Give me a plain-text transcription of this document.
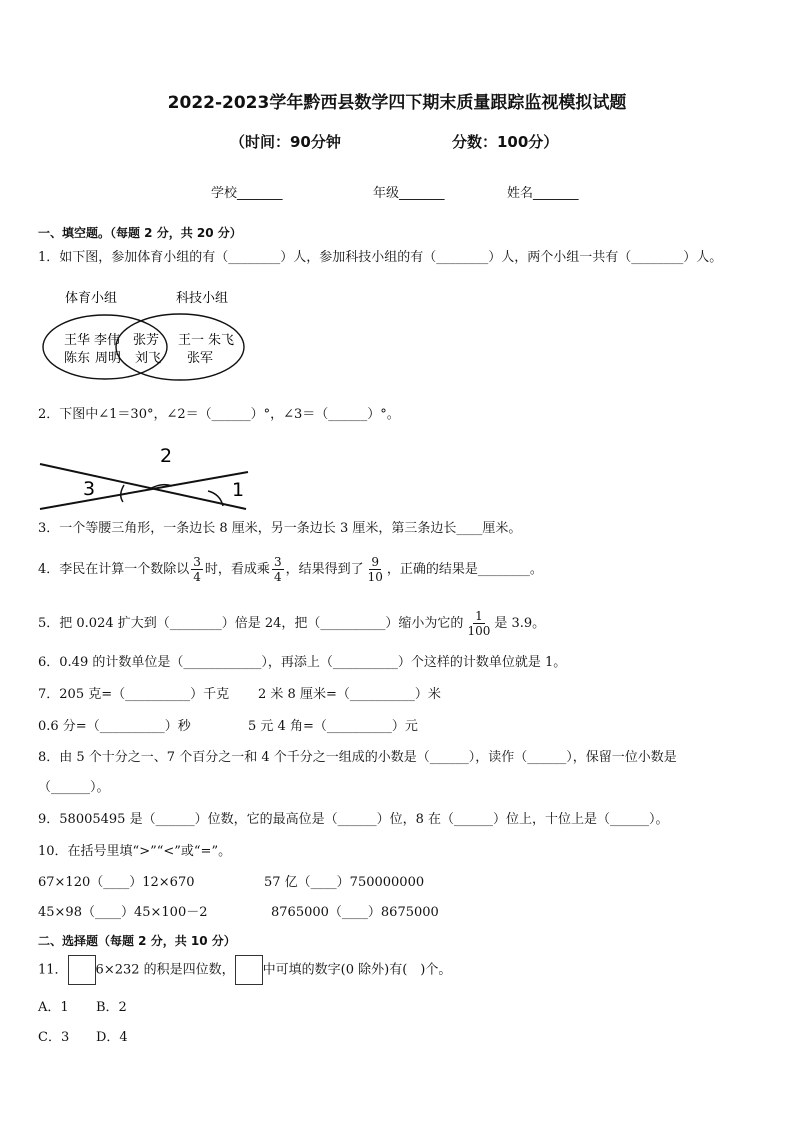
2022-2023学年黔西县数学四下期末质量跟踪监视模拟试题
（时间：90分钟	分数：100分）
学校_______	年级_______	姓名_______
一、填空题。（每题 2 分，共 20 分）
1．如下图，参加体育小组的有（________）人，参加科技小组的有（________）人，两个小组一共有（________）人。
体育小组	科技小组
王华 李伟
陈东 周明
张芳
刘飞
王一 朱飞
张军
2．下图中∠1＝30°，∠2＝（______）°，∠3＝（______）°。
2
3	1
3．一个等腰三角形，一条边长 8 厘米，另一条边长 3 厘米，第三条边长____厘米。
4．李民在计算一个数除以 $\frac{3}{4}$ 时，看成乘 $\frac{3}{4}$ ，结果得到了 $\frac{9}{10}$ ，正确的结果是________。
5．把 0.024 扩大到（________）倍是 24，把（__________）缩小为它的 $\frac{1}{100}$ 是 3.9。
6．0.49 的计数单位是（____________），再添上（__________）个这样的计数单位就是 1。
7．205 克=（__________）千克 2 米 8 厘米=（__________）米
0.6 分=（__________）秒	5 元 4 角=（__________）元
8．由 5 个十分之一、7 个百分之一和 4 个千分之一组成的小数是（______），读作（______），保留一位小数是
（______）。
9．58005495 是（______）位数，它的最高位是（______）位，8 在（______）位上，十位上是（______）。
10．在括号里填“>”“<”或“=”。
67×120（____）12×670	57 亿（____）750000000
45×98（____）45×100－2	8765000（____）8675000
二、选择题（每题 2 分，共 10 分）
11． 6×232 的积是四位数， 中可填的数字(0 除外)有(　)个。
A．1 B．2
C．3 D．4
